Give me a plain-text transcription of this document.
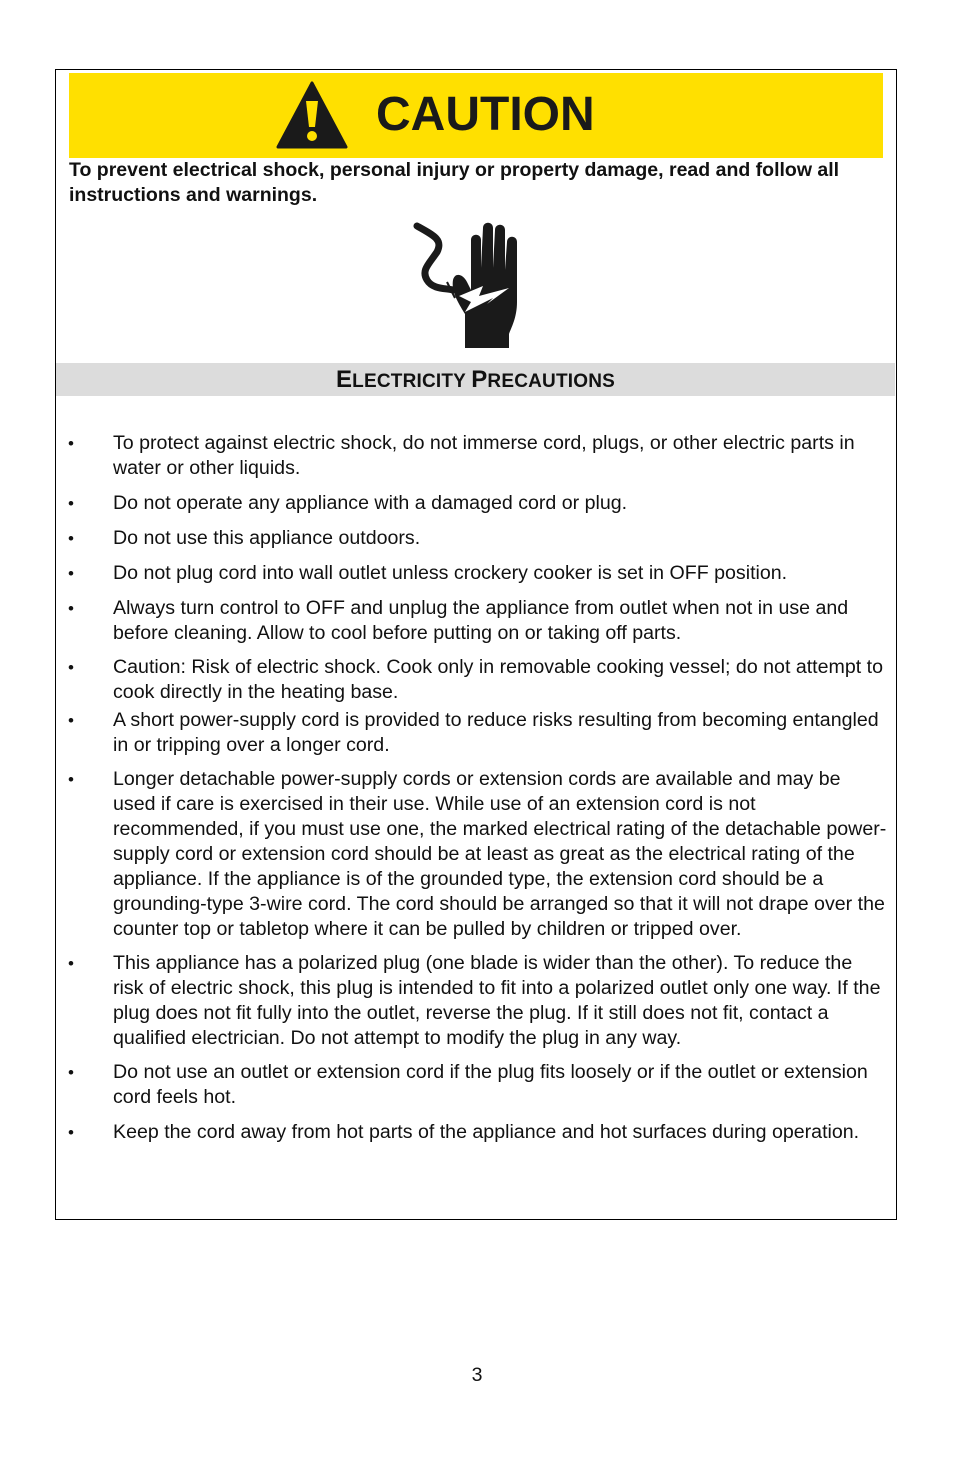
CAUTION
To prevent electrical shock, personal injury or property damage, read and follow all instructions and warnings.
ELECTRICITY PRECAUTIONS
• To protect against electric shock, do not immerse cord, plugs, or other electric parts in water or other liquids.
• Do not operate any appliance with a damaged cord or plug.
• Do not use this appliance outdoors.
• Do not plug cord into wall outlet unless crockery cooker is set in OFF position.
• Always turn control to OFF and unplug the appliance from outlet when not in use and before cleaning. Allow to cool before putting on or taking off parts.
• Caution: Risk of electric shock. Cook only in removable cooking vessel; do not attempt to cook directly in the heating base.
• A short power-supply cord is provided to reduce risks resulting from becoming entangled in or tripping over a longer cord.
• Longer detachable power-supply cords or extension cords are available and may be used if care is exercised in their use. While use of an extension cord is not recommended, if you must use one, the marked electrical rating of the detachable power-supply cord or extension cord should be at least as great as the electrical rating of the appliance. If the appliance is of the grounded type, the extension cord should be a grounding-type 3-wire cord. The cord should be arranged so that it will not drape over the counter top or tabletop where it can be pulled by children or tripped over.
• This appliance has a polarized plug (one blade is wider than the other). To reduce the risk of electric shock, this plug is intended to fit into a polarized outlet only one way. If the plug does not fit fully into the outlet, reverse the plug. If it still does not fit, contact a qualified electrician. Do not attempt to modify the plug in any way.
• Do not use an outlet or extension cord if the plug fits loosely or if the outlet or extension cord feels hot.
• Keep the cord away from hot parts of the appliance and hot surfaces during operation.
3
